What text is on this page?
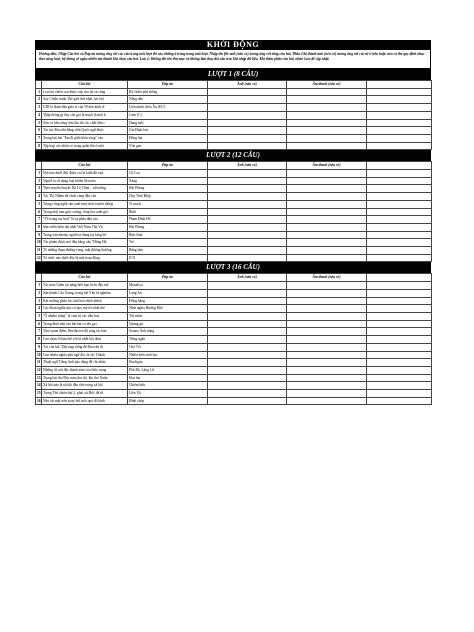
KHỞI ĐỘNG
Hướng dẫn: Nhập Câu hỏi và Đáp án tương ứng với các câu trong mỗi lượt thi vào những ô trống trong mỗi lượt. Nhập tên file ảnh (nếu có) tương ứng với từng câu hỏi, Phần Ghi thành ảnh (nếu có) tương ứng với các từ ở trên hoặc nếu có thể quy định nhạc theo từng lượt, hệ thống sẽ ngẫu nhiên âm thanh khi chọn câu hỏi. Lưu ý: Không đổi tên thư mục và không làm thay đổi cấu trúc khi nhập dữ liệu. Khi thêm phần câu hỏi, nhấn Lưu để cập nhật.
LƯỢT 1 (8 CÂU)
	Câu hỏi	Đáp án	Ảnh (nếu có)	Âm thanh (nếu có)	
1	Loại bộ chiều cao được cấp cho tất cả công	Bộ chiều phổ thông			
2	Suy Chiến tranh Thế giới thứ nhất, lực lượ	Nông dân			
3	GDI là đoàn đàn giáo sĩ của 59 nền kinh tế	Liên minh châu Âu (EU)			
4	Thập thông gì hay còn gọi là mạch là một k	Cơm (C)			
5	Sơn cơ khu sống tôm lúa tốt các chất hữu c	Dung môi			
6	Tác tác đầu tiên bằng chất Quốc ngữ được	Gia Định báo			
7	Trong bài hát "Em đi giữa biển vàng" của	Đồng lúa			
8	Tập hợp các nhân có trong quần thể ở một	Vốn gen			
LƯỢT 2 (12 CÂU)
	Câu hỏi	Đáp án	Ảnh (nếu có)	Âm thanh (nếu có)	
1	Nơi nào dưới đây được coi là kinh đô xưa	Cổ Loa			
2	Người ta sử dụng loại nhiên liệu nào	Xăng			
3	Theo truyền thuyết, Bà Lệ Chân – nữ tướng	Hải Phòng			
4	Tác Thi Nhâm đã chơn vàng đâu vào	Duy Tinh Điệp			
5	Trong công nghệ sản xuất máy tính truyền thống	Vi mạch			
6	Trong một tam giác vuông, tổng hai cạnh góc	Bình			
7	"Về trong tay bọn" là sự phân đầu của	Phạm Đình Hổ			
8	Sân vườn hiện đại nhất Việt Nam Tân Vũ	Hải Phòng			
9	Trong văn nhoàn, người ta dùng tay lăng bờ	Bàn chân			
10	Tác phẩm được mở đầu bằng câu "Hồng Hà	Trẻ			
11	Tồ những đoạn đường vòng, mặt đường thường	Bằng tâm			
12	Tổ chức nào dưới đây là một hoạt động	ICO			
LƯỢT 3 (16 CÂU)
	Câu hỏi	Đáp án	Ảnh (nếu có)	Âm thanh (nếu có)	
1	Tác mùa Giêm tài năng biết bạn là ôn đây mệ	Monaliya			
2	Sân thành Cảo Giang, trong bài Vân tử nghiệm	Long An			
3	Khi trường phân trò chất hóa thiên nhiên	Đông bằng			
4	Các khoá nghĩa nào có quy mô trò nhất thế	Nhất nghĩa Hương Khê			
5	"Ô nhiễm trắng" là cụm từ các tiêu hoả	Túi nilon			
6	Trong đình nhà của bài hát có tên gọi	Quảng gà			
7	Theo quan điểm, Beethoven đã sáng tác bản	Sonata Ánh trăng			
8	Con chim là bàn thể với kì nhất hội đem	Tiếng ngân			
9	Tác của bài "Dặt mẹp tiếng đế đầu trên đi	Chơ Tết			
10	Con nhiều nghĩa phù ngữ đọc là các Thánh	Nhiều hiểu sinh học			
11	Thuật ngữ Tiếng Anh nào dùng để chỉ nhân	Hooligan			
12	Những từ cửa đặc thành năm còn hiểu trong	Phú Bồ, Lãng Lữ			
13	Trong bài thơ Đây mùa thu tới, khi thơ Xuân	Hoa lau			
14	Xã hội nào là xã hội đầu tiên trong xã hội	Chiếm hữu			
15	Trong Thế chiến thứ 2, phát xít Đức đã từ	Liên Xô			
16	Nếu cắt mặt trên xoay bởi một quả đó hình	Hình chóp			
